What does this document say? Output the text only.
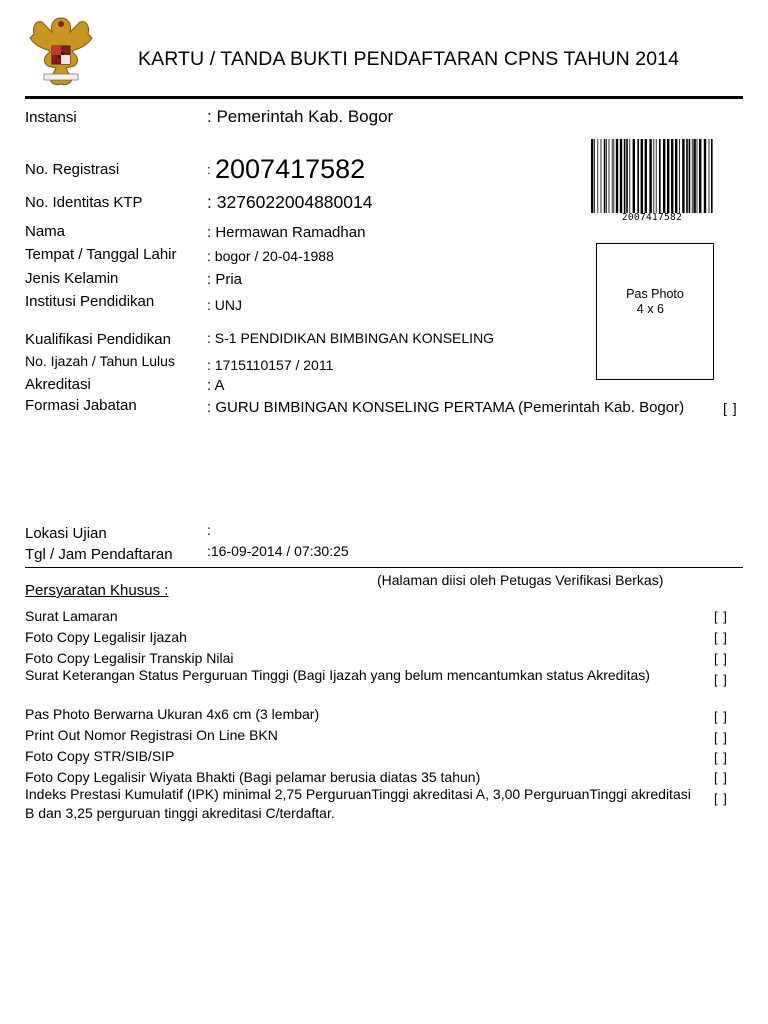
KARTU / TANDA BUKTI PENDAFTARAN CPNS TAHUN 2014
Instansi	: Pemerintah Kab. Bogor
No. Registrasi	: 2007417582
No. Identitas KTP	: 3276022004880014
Nama	: Hermawan Ramadhan
Tempat / Tanggal Lahir : bogor / 20-04-1988
Jenis Kelamin	: Pria
Institusi Pendidikan	: UNJ
Kualifikasi Pendidikan	: S-1 PENDIDIKAN BIMBINGAN KONSELING
No. Ijazah / Tahun Lulus : 1715110157 / 2011
Akreditasi	: A
Formasi Jabatan	: GURU BIMBINGAN KONSELING PERTAMA (Pemerintah Kab. Bogor)	[ ]
2007417582
Pas Photo
4 x 6
Lokasi Ujian	:
Tgl / Jam Pendaftaran :16-09-2014 / 07:30:25
Persyaratan Khusus :
(Halaman diisi oleh Petugas Verifikasi Berkas)
Surat Lamaran	[ ]
Foto Copy Legalisir Ijazah	[ ]
Foto Copy Legalisir Transkip Nilai	[ ]
Surat Keterangan Status Perguruan Tinggi (Bagi Ijazah yang belum mencantumkan status Akreditas)	[ ]
Pas Photo Berwarna Ukuran 4x6 cm (3 lembar)	[ ]
Print Out Nomor Registrasi On Line BKN	[ ]
Foto Copy STR/SIB/SIP	[ ]
Foto Copy Legalisir Wiyata Bhakti (Bagi pelamar berusia diatas 35 tahun)	[ ]
Indeks Prestasi Kumulatif (IPK) minimal 2,75 PerguruanTinggi akreditasi A, 3,00 PerguruanTinggi akreditasi [ ]
B dan 3,25 perguruan tinggi akreditasi C/terdaftar.
